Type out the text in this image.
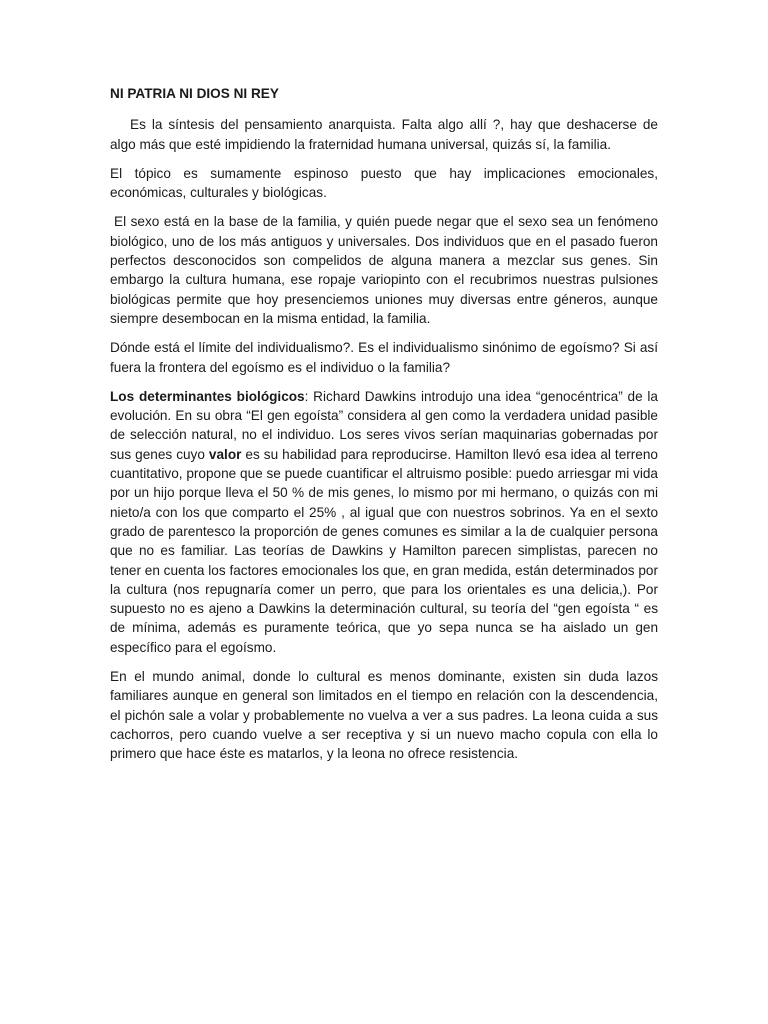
NI PATRIA NI DIOS NI REY

Es la síntesis del pensamiento anarquista. Falta algo allí ?, hay que deshacerse de algo más que esté impidiendo la fraternidad humana universal, quizás sí, la familia.

El tópico es sumamente espinoso puesto que hay implicaciones emocionales, económicas, culturales y biológicas.

El sexo está en la base de la familia, y quién puede negar que el sexo sea un fenómeno biológico, uno de los más antiguos y universales. Dos individuos que en el pasado fueron perfectos desconocidos son compelidos de alguna manera a mezclar sus genes. Sin embargo la cultura humana, ese ropaje variopinto con el recubrimos nuestras pulsiones biológicas permite que hoy presenciemos uniones muy diversas entre géneros, aunque siempre desembocan en la misma entidad, la familia.

Dónde está el límite del individualismo?. Es el individualismo sinónimo de egoísmo? Si así fuera la frontera del egoísmo es el individuo o la familia?

Los determinantes biológicos: Richard Dawkins introdujo una idea “genocéntrica” de la evolución. En su obra “El gen egoísta” considera al gen como la verdadera unidad pasible de selección natural, no el individuo. Los seres vivos serían maquinarias gobernadas por sus genes cuyo valor es su habilidad para reproducirse. Hamilton llevó esa idea al terreno cuantitativo, propone que se puede cuantificar el altruismo posible: puedo arriesgar mi vida por un hijo porque lleva el 50 % de mis genes, lo mismo por mi hermano, o quizás con mi nieto/a con los que comparto el 25% , al igual que con nuestros sobrinos. Ya en el sexto grado de parentesco la proporción de genes comunes es similar a la de cualquier persona que no es familiar. Las teorías de Dawkins y Hamilton parecen simplistas, parecen no tener en cuenta los factores emocionales los que, en gran medida, están determinados por la cultura (nos repugnaría comer un perro, que para los orientales es una delicia,). Por supuesto no es ajeno a Dawkins la determinación cultural, su teoría del “gen egoísta “ es de mínima, además es puramente teórica, que yo sepa nunca se ha aislado un gen específico para el egoísmo.

En el mundo animal, donde lo cultural es menos dominante, existen sin duda lazos familiares aunque en general son limitados en el tiempo en relación con la descendencia, el pichón sale a volar y probablemente no vuelva a ver a sus padres. La leona cuida a sus cachorros, pero cuando vuelve a ser receptiva y si un nuevo macho copula con ella lo primero que hace éste es matarlos, y la leona no ofrece resistencia.
